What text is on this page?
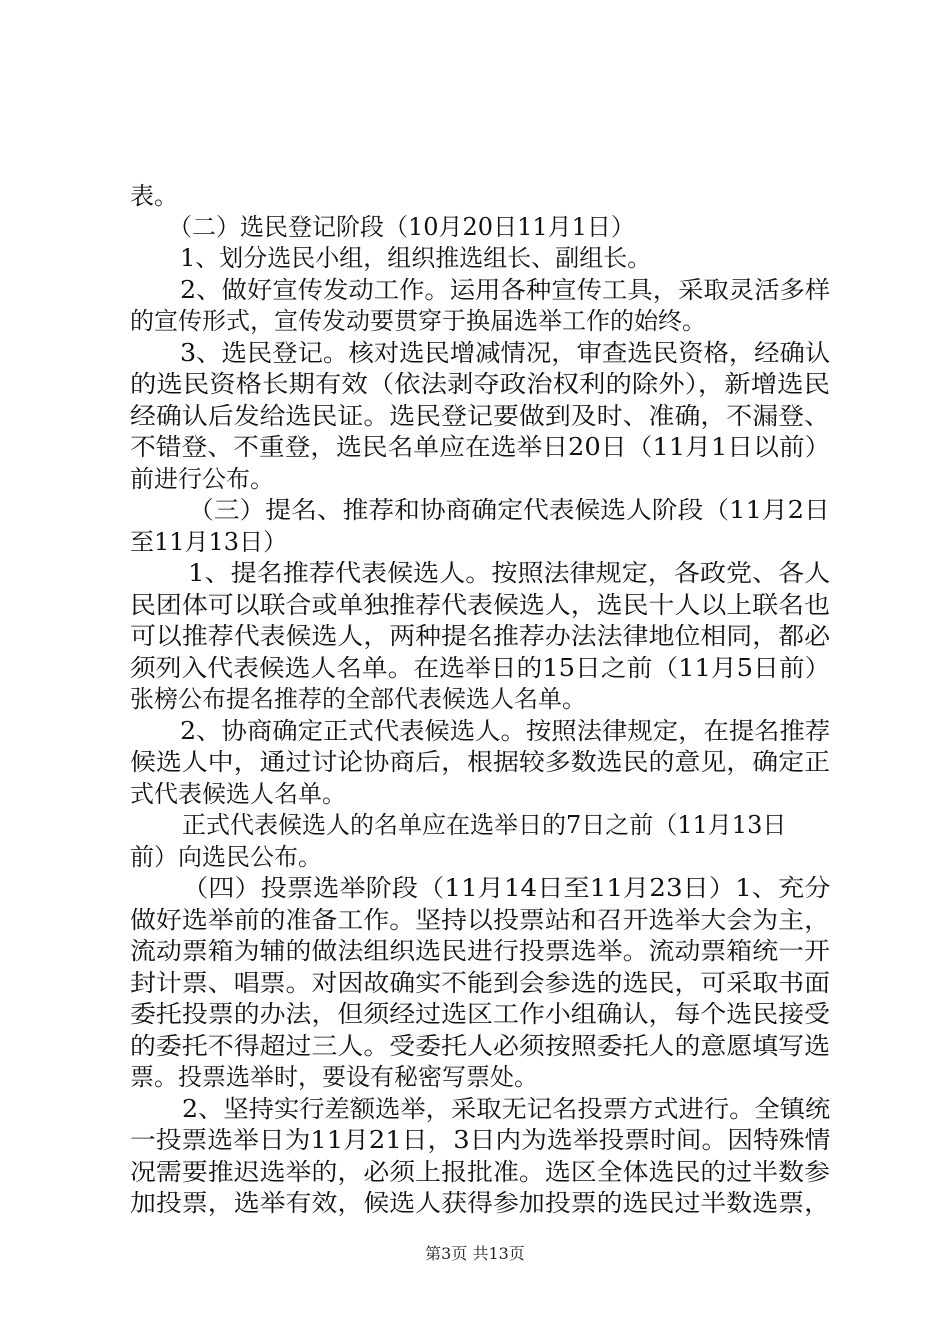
表。
（二）选民登记阶段（10月20日11月1日）
1、划分选民小组，组织推选组长、副组长。
2、做好宣传发动工作。运用各种宣传工具，采取灵活多样
的宣传形式，宣传发动要贯穿于换届选举工作的始终。
3、选民登记。核对选民增减情况，审查选民资格，经确认
的选民资格长期有效（依法剥夺政治权利的除外），新增选民
经确认后发给选民证。选民登记要做到及时、准确，不漏登、
不错登、不重登，选民名单应在选举日20日（11月1日以前）
前进行公布。
（三）提名、推荐和协商确定代表候选人阶段（11月2日
至11月13日）
1、提名推荐代表候选人。按照法律规定，各政党、各人
民团体可以联合或单独推荐代表候选人，选民十人以上联名也
可以推荐代表候选人，两种提名推荐办法法律地位相同，都必
须列入代表候选人名单。在选举日的15日之前（11月5日前）
张榜公布提名推荐的全部代表候选人名单。
2、协商确定正式代表候选人。按照法律规定，在提名推荐
候选人中，通过讨论协商后，根据较多数选民的意见，确定正
式代表候选人名单。
正式代表候选人的名单应在选举日的7日之前（11月13日
前）向选民公布。
（四）投票选举阶段（11月14日至11月23日）1、充分
做好选举前的准备工作。坚持以投票站和召开选举大会为主，
流动票箱为辅的做法组织选民进行投票选举。流动票箱统一开
封计票、唱票。对因故确实不能到会参选的选民，可采取书面
委托投票的办法，但须经过选区工作小组确认，每个选民接受
的委托不得超过三人。受委托人必须按照委托人的意愿填写选
票。投票选举时，要设有秘密写票处。
2、坚持实行差额选举，采取无记名投票方式进行。全镇统
一投票选举日为11月21日，3日内为选举投票时间。因特殊情
况需要推迟选举的，必须上报批准。选区全体选民的过半数参
加投票，选举有效，候选人获得参加投票的选民过半数选票，
第3页 共13页
